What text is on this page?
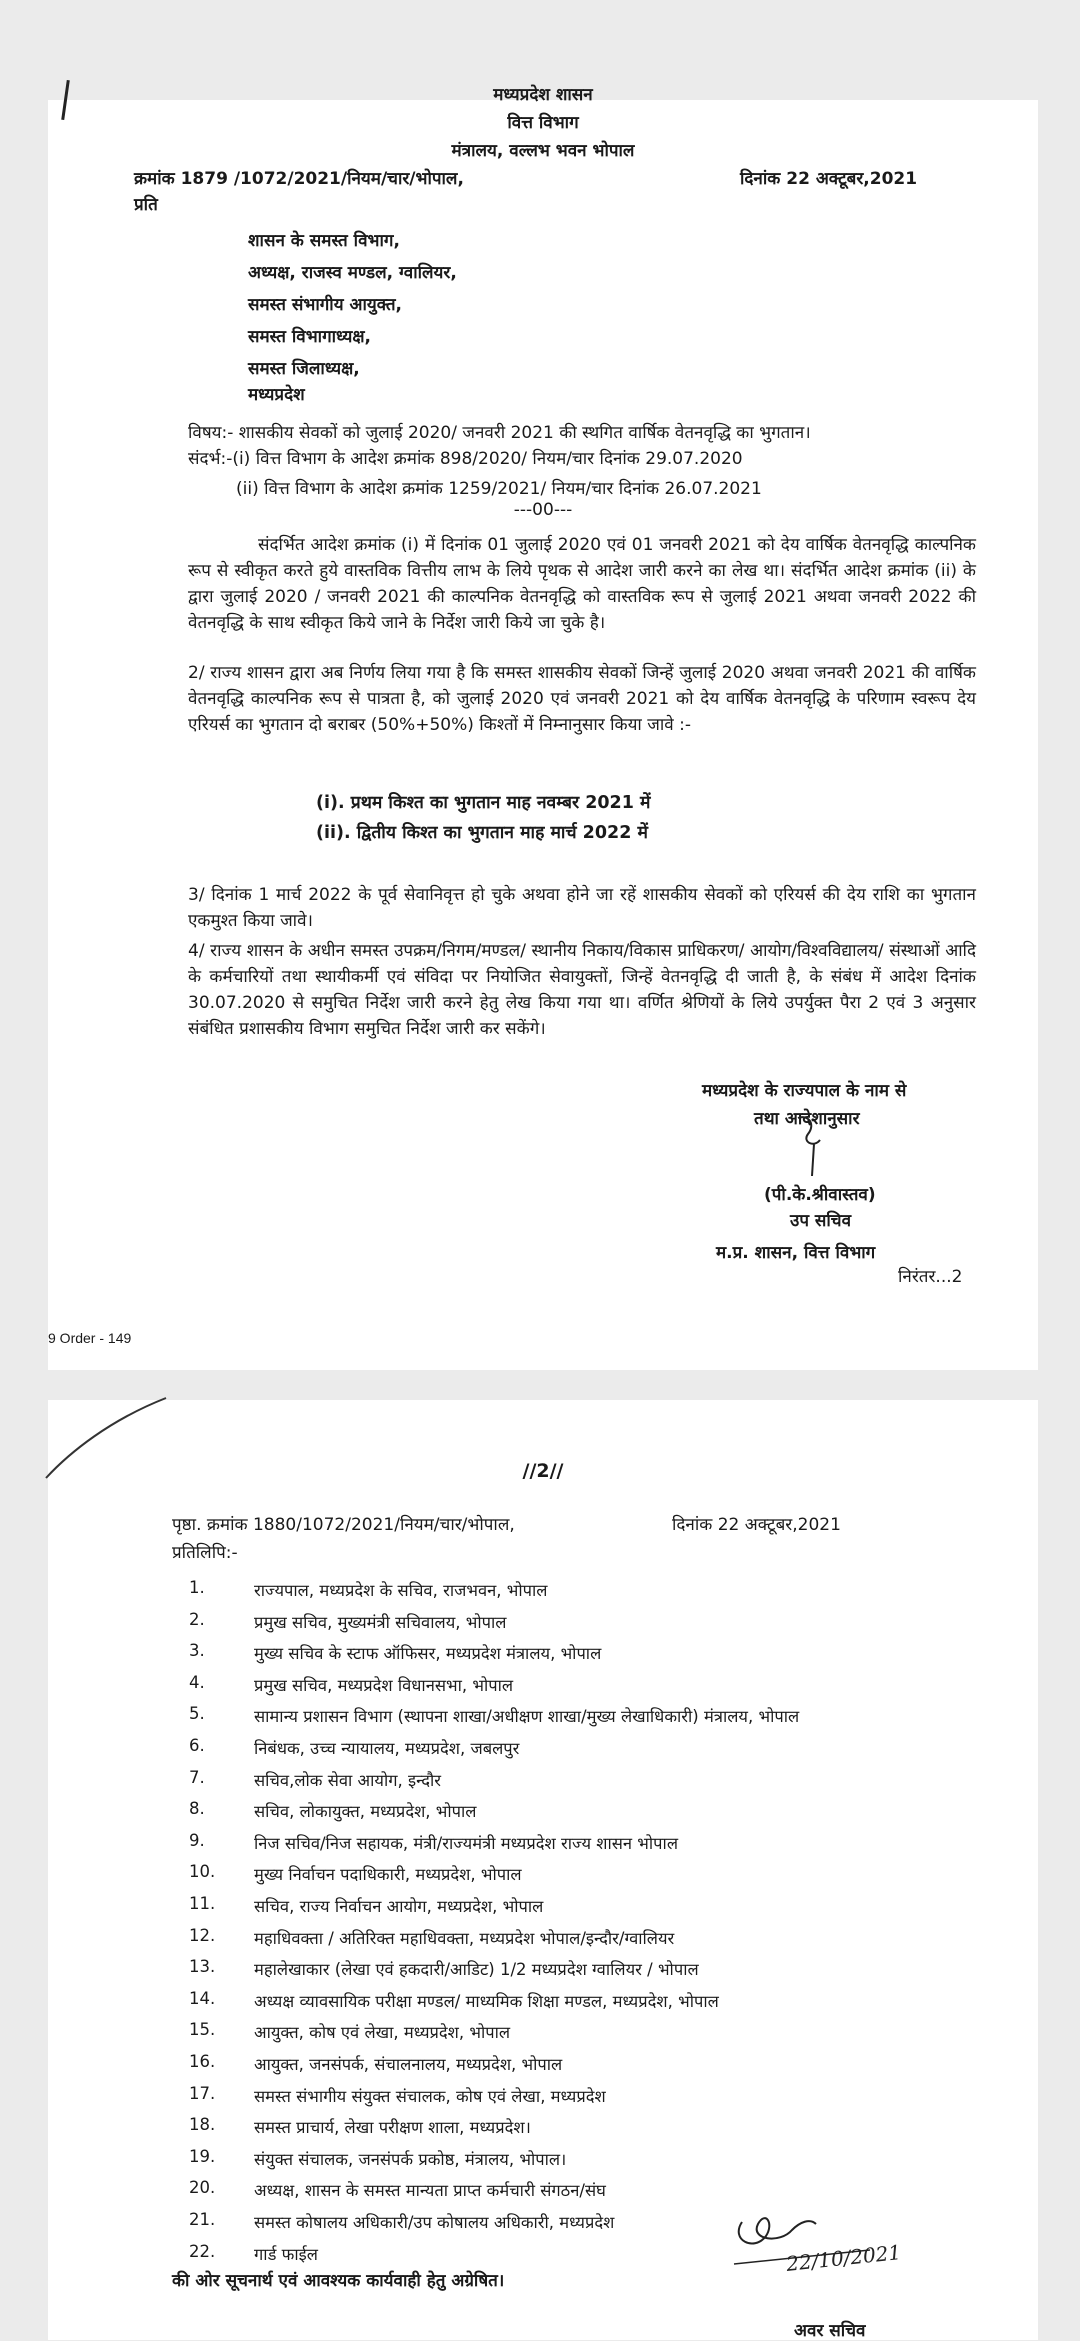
मध्यप्रदेश शासन
वित्त विभाग
मंत्रालय, वल्लभ भवन भोपाल
क्रमांक 1879 /1072/2021/नियम/चार/भोपाल,	दिनांक 22 अक्टूबर,2021
प्रति
शासन के समस्त विभाग,
अध्यक्ष, राजस्व मण्डल, ग्वालियर,
समस्त संभागीय आयुक्त,
समस्त विभागाध्यक्ष,
समस्त जिलाध्यक्ष,
मध्यप्रदेश
विषय:- शासकीय सेवकों को जुलाई 2020/ जनवरी 2021 की स्थगित वार्षिक वेतनवृद्धि का भुगतान।
संदर्भ:-(i) वित्त विभाग के आदेश क्रमांक 898/2020/ नियम/चार दिनांक 29.07.2020
(ii) वित्त विभाग के आदेश क्रमांक 1259/2021/ नियम/चार दिनांक 26.07.2021
---00---
संदर्भित आदेश क्रमांक (i) में दिनांक 01 जुलाई 2020 एवं 01 जनवरी 2021 को देय वार्षिक वेतनवृद्धि काल्पनिक रूप से स्वीकृत करते हुये वास्तविक वित्तीय लाभ के लिये पृथक से आदेश जारी करने का लेख था। संदर्भित आदेश क्रमांक (ii) के द्वारा जुलाई 2020 / जनवरी 2021 की काल्पनिक वेतनवृद्धि को वास्तविक रूप से जुलाई 2021 अथवा जनवरी 2022 की वेतनवृद्धि के साथ स्वीकृत किये जाने के निर्देश जारी किये जा चुके है।
2/ राज्य शासन द्वारा अब निर्णय लिया गया है कि समस्त शासकीय सेवकों जिन्हें जुलाई 2020 अथवा जनवरी 2021 की वार्षिक वेतनवृद्धि काल्पनिक रूप से पात्रता है, को जुलाई 2020 एवं जनवरी 2021 को देय वार्षिक वेतनवृद्धि के परिणाम स्वरूप देय एरियर्स का भुगतान दो बराबर (50%+50%) किश्तों में निम्नानुसार किया जावे :-
(i). प्रथम किश्त का भुगतान माह नवम्बर 2021 में
(ii). द्वितीय किश्त का भुगतान माह मार्च 2022 में
3/ दिनांक 1 मार्च 2022 के पूर्व सेवानिवृत्त हो चुके अथवा होने जा रहें शासकीय सेवकों को एरियर्स की देय राशि का भुगतान एकमुश्त किया जावे।
4/ राज्य शासन के अधीन समस्त उपक्रम/निगम/मण्डल/ स्थानीय निकाय/विकास प्राधिकरण/ आयोग/विश्वविद्यालय/ संस्थाओं आदि के कर्मचारियों तथा स्थायीकर्मी एवं संविदा पर नियोजित सेवायुक्तों, जिन्हें वेतनवृद्धि दी जाती है, के संबंध में आदेश दिनांक 30.07.2020 से समुचित निर्देश जारी करने हेतु लेख किया गया था। वर्णित श्रेणियों के लिये उपर्युक्त पैरा 2 एवं 3 अनुसार संबंधित प्रशासकीय विभाग समुचित निर्देश जारी कर सकेंगे।
मध्यप्रदेश के राज्यपाल के नाम से
तथा आदेशानुसार
(पी.के.श्रीवास्तव)
उप सचिव
म.प्र. शासन, वित्त विभाग
निरंतर...2
9 Order - 149
//2//
पृष्ठा. क्रमांक 1880/1072/2021/नियम/चार/भोपाल,	दिनांक 22 अक्टूबर,2021
प्रतिलिपि:-
1.	राज्यपाल, मध्यप्रदेश के सचिव, राजभवन, भोपाल
2.	प्रमुख सचिव, मुख्यमंत्री सचिवालय, भोपाल
3.	मुख्य सचिव के स्टाफ ऑफिसर, मध्यप्रदेश मंत्रालय, भोपाल
4.	प्रमुख सचिव, मध्यप्रदेश विधानसभा, भोपाल
5.	सामान्य प्रशासन विभाग (स्थापना शाखा/अधीक्षण शाखा/मुख्य लेखाधिकारी) मंत्रालय, भोपाल
6.	निबंधक, उच्च न्यायालय, मध्यप्रदेश, जबलपुर
7.	सचिव,लोक सेवा आयोग, इन्दौर
8.	सचिव, लोकायुक्त, मध्यप्रदेश, भोपाल
9.	निज सचिव/निज सहायक, मंत्री/राज्यमंत्री मध्यप्रदेश राज्य शासन भोपाल
10. मुख्य निर्वाचन पदाधिकारी, मध्यप्रदेश, भोपाल
11. सचिव, राज्य निर्वाचन आयोग, मध्यप्रदेश, भोपाल
12. महाधिवक्ता / अतिरिक्त महाधिवक्ता, मध्यप्रदेश भोपाल/इन्दौर/ग्वालियर
13. महालेखाकार (लेखा एवं हकदारी/आडिट) 1/2 मध्यप्रदेश ग्वालियर / भोपाल
14. अध्यक्ष व्यावसायिक परीक्षा मण्डल/ माध्यमिक शिक्षा मण्डल, मध्यप्रदेश, भोपाल
15. आयुक्त, कोष एवं लेखा, मध्यप्रदेश, भोपाल
16. आयुक्त, जनसंपर्क, संचालनालय, मध्यप्रदेश, भोपाल
17. समस्त संभागीय संयुक्त संचालक, कोष एवं लेखा, मध्यप्रदेश
18. समस्त प्राचार्य, लेखा परीक्षण शाला, मध्यप्रदेश।
19. संयुक्त संचालक, जनसंपर्क प्रकोष्ठ, मंत्रालय, भोपाल।
20. अध्यक्ष, शासन के समस्त मान्यता प्राप्त कर्मचारी संगठन/संघ
21. समस्त कोषालय अधिकारी/उप कोषालय अधिकारी, मध्यप्रदेश
22. गार्ड फाईल
की ओर सूचनार्थ एवं आवश्यक कार्यवाही हेतु अग्रेषित।
22/10/2021
अवर सचिव
